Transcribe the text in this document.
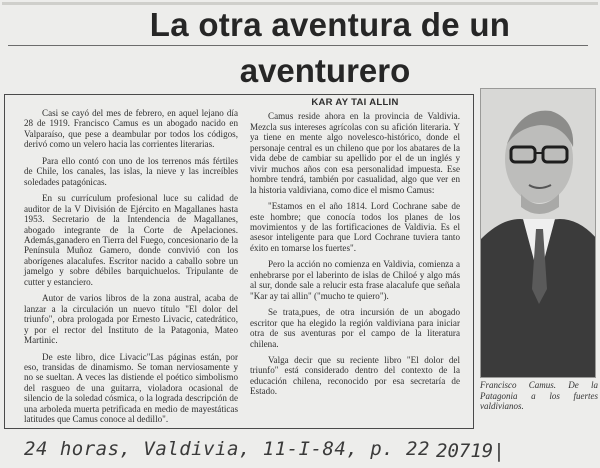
La otra aventura de un
aventurero

Casi se cayó del mes de febrero, en aquel lejano día 28 de 1919. Francisco Camus es un abogado nacido en Valparaíso, que pese a deambular por todos los códigos, derivó como un velero hacia las corrientes literarias.

Para ello contó con uno de los terrenos más fértiles de Chile, los canales, las islas, la nieve y las increíbles soledades patagónicas.

En su currículum profesional luce su calidad de auditor de la V División de Ejército en Magallanes hasta 1953. Secretario de la Intendencia de Magallanes, abogado integrante de la Corte de Apelaciones. Además,ganadero en Tierra del Fuego, concesionario de la Península Muñoz Gamero, donde convivió con los aborígenes alacalufes. Escritor nacido a caballo sobre un jamelgo y sobre débiles barquichuelos. Tripulante de cutter y estanciero.

Autor de varios libros de la zona austral, acaba de lanzar a la circulación un nuevo título "El dolor del triunfo", obra prologada por Ernesto Livacic, catedrático, y por el rector del Instituto de la Patagonia, Mateo Martinic.

De este libro, dice Livacic"Las páginas están, por eso, transidas de dinamismo. Se toman nerviosamente y no se sueltan. A veces las distiende el poético simbolismo del rasgueo de una guitarra, violadora ocasional de silencio de la soledad cósmica, o la lograda descripción de una arboleda muerta petrificada en medio de mayestáticas latitudes que Camus conoce al dedillo".

KAR AY TAI ALLIN

Camus reside ahora en la provincia de Valdivia. Mezcla sus intereses agrícolas con su afición literaria. Y ya tiene en mente algo novelesco-histórico, donde el personaje central es un chileno que por los abatares de la vida debe de cambiar su apellido por el de un inglés y vivir muchos años con esa personalidad impuesta. Ese hombre tendrá, también por casualidad, algo que ver en la historia valdiviana, como dice el mismo Camus:

"Estamos en el año 1814. Lord Cochrane sabe de este hombre; que conocía todos los planes de los movimientos y de las fortificaciones de Valdivia. Es el asesor inteligente para que Lord Cochrane tuviera tanto éxito en tomarse los fuertes".

Pero la acción no comienza en Valdivia, comienza a enhebrarse por el laberinto de islas de Chiloé y algo más al sur, donde sale a relucir esta frase alacalufe que señala "Kar ay tai allin" ("mucho te quiero").

Se trata,pues, de otra incursión de un abogado escritor que ha elegido la región valdiviana para iniciar otra de sus aventuras por el campo de la literatura chilena.

Valga decir que su reciente libro "El dolor del triunfo" está considerado dentro del contexto de la educación chilena, reconocido por esa secretaría de Estado.

Francisco Camus. De la Patagonia a los fuertes valdivianos.
24 horas, Valdivia, 11-I-84, p. 22 20719|
